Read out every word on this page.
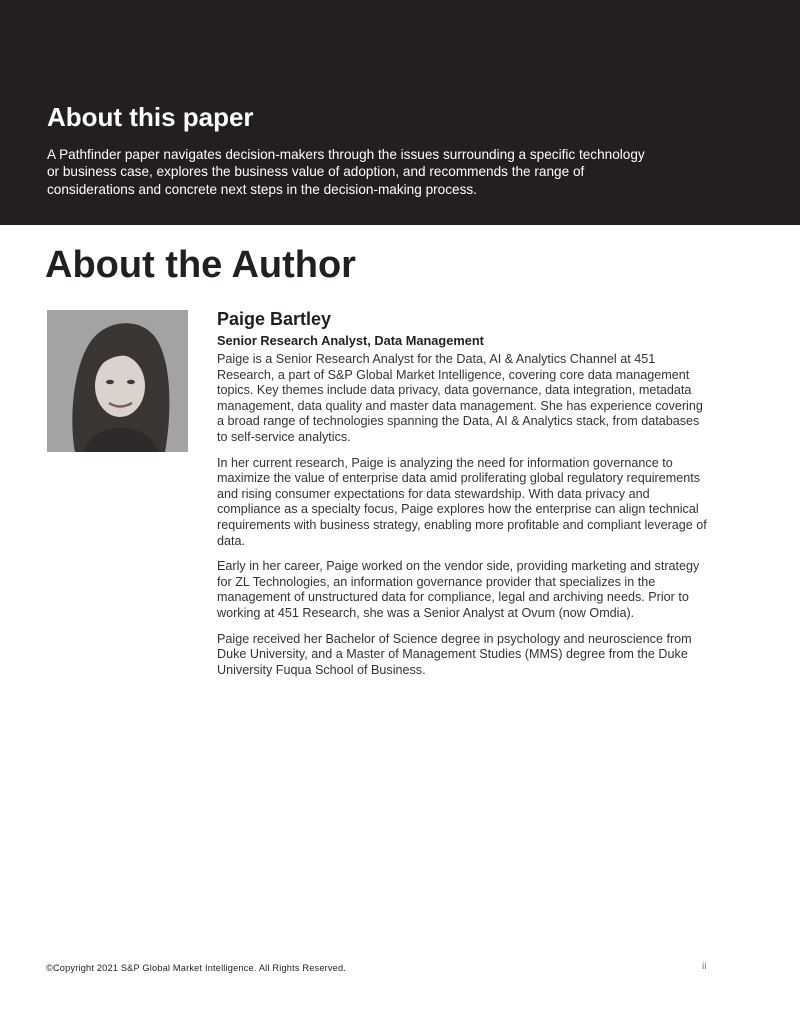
About this paper

A Pathfinder paper navigates decision-makers through the issues surrounding a specific technology or business case, explores the business value of adoption, and recommends the range of considerations and concrete next steps in the decision-making process.

About the Author
Paige Bartley

Senior Research Analyst, Data Management

Paige is a Senior Research Analyst for the Data, AI & Analytics Channel at 451 Research, a part of S&P Global Market Intelligence, covering core data management topics. Key themes include data privacy, data governance, data integration, metadata management, data quality and master data management. She has experience covering a broad range of technologies spanning the Data, AI & Analytics stack, from databases to self-service analytics.

In her current research, Paige is analyzing the need for information governance to maximize the value of enterprise data amid proliferating global regulatory requirements and rising consumer expectations for data stewardship. With data privacy and compliance as a specialty focus, Paige explores how the enterprise can align technical requirements with business strategy, enabling more profitable and compliant leverage of data.

Early in her career, Paige worked on the vendor side, providing marketing and strategy for ZL Technologies, an information governance provider that specializes in the management of unstructured data for compliance, legal and archiving needs. Prior to working at 451 Research, she was a Senior Analyst at Ovum (now Omdia).

Paige received her Bachelor of Science degree in psychology and neuroscience from Duke University, and a Master of Management Studies (MMS) degree from the Duke University Fuqua School of Business.

©Copyright 2021 S&P Global Market Intelligence. All Rights Reserved.	ii
